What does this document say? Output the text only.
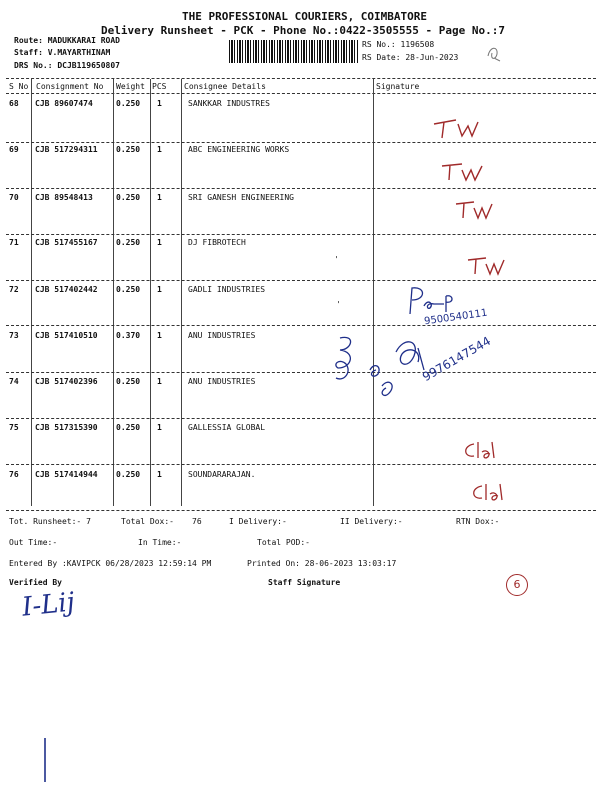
THE PROFESSIONAL COURIERS, COIMBATORE
Delivery Runsheet - PCK - Phone No.:0422-3505555 - Page No.:7
Route: MADUKKARAI ROAD
Staff: V.MAYARTHINAM
DRS No.: DCJB119650807
RS No.: 1196508
RS Date: 28-Jun-2023
S No Consignment No Weight PCS Consignee Details	Signature
68 CJB 89607474	0.250 1	SANKKAR INDUSTRES
69 CJB 517294311 0.250 1	ABC ENGINEERING WORKS
70 CJB 89548413	0.250 1	SRI GANESH ENGINEERING
71 CJB 517455167 0.250 1	DJ FIBROTECH
72 CJB 517402442 0.250 1	GADLI INDUSTRIES
73 CJB 517410510 0.370 1	ANU INDUSTRIES
74 CJB 517402396 0.250 1	ANU INDUSTRIES
75 CJB 517315390 0.250 1	GALLESSIA GLOBAL
76 CJB 517414944 0.250 1	SOUNDARARAJAN.
9500540111
9976147544
'
'
Tot. Runsheet:- 7	Total Dox:- 76	I Delivery:-	II Delivery:-	RTN Dox:-
Out Time:-	In Time:-	Total POD:-
Entered By :KAVIPCK 06/28/2023 12:59:14 PM	Printed On: 28-06-2023 13:03:17
Verified By	Staff Signature	6
I-Lij
